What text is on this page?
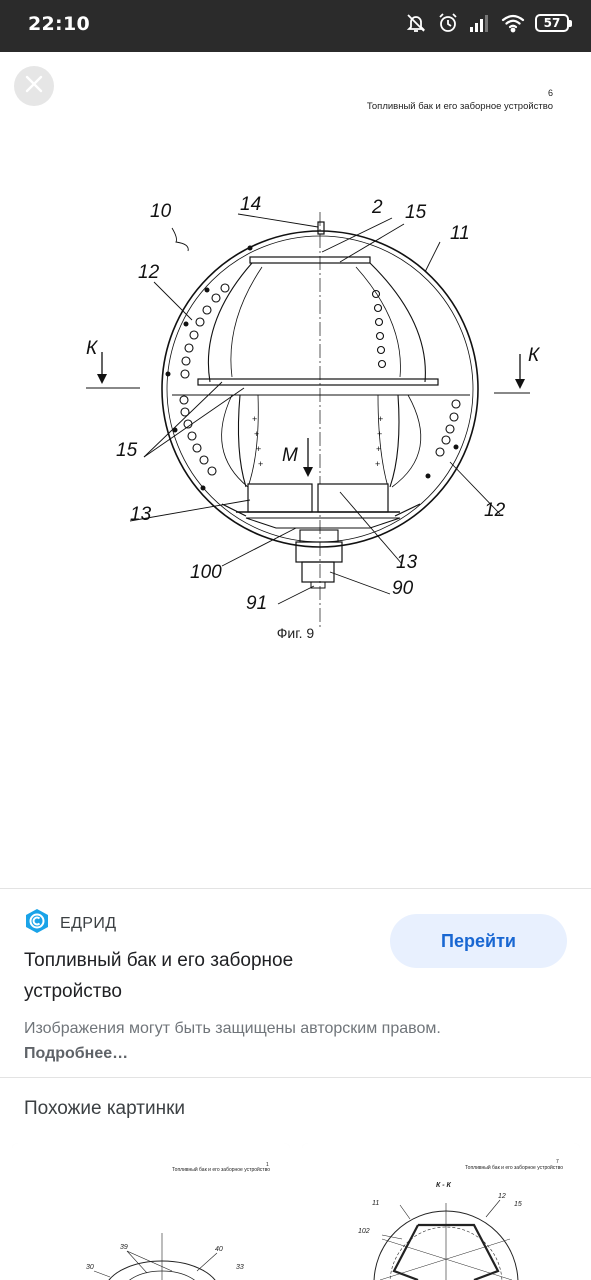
22:10	57
6
Топливный бак и его заборное устройство
+
+
+
+
+
+
+
+
10	14	2 15
11
12
К	К
15	М
13	12
100	13
91
90
Фиг. 9
ЕДРИД
Топливный бак и его заборное устройство
Перейти
Изображения могут быть защищены авторским правом. Подробнее…
Похожие картинки
1
Топливный бак и его заборное устройство
39	40
30	33
7
Топливный бак и его заборное устройство
К - К
11
12
15
102
